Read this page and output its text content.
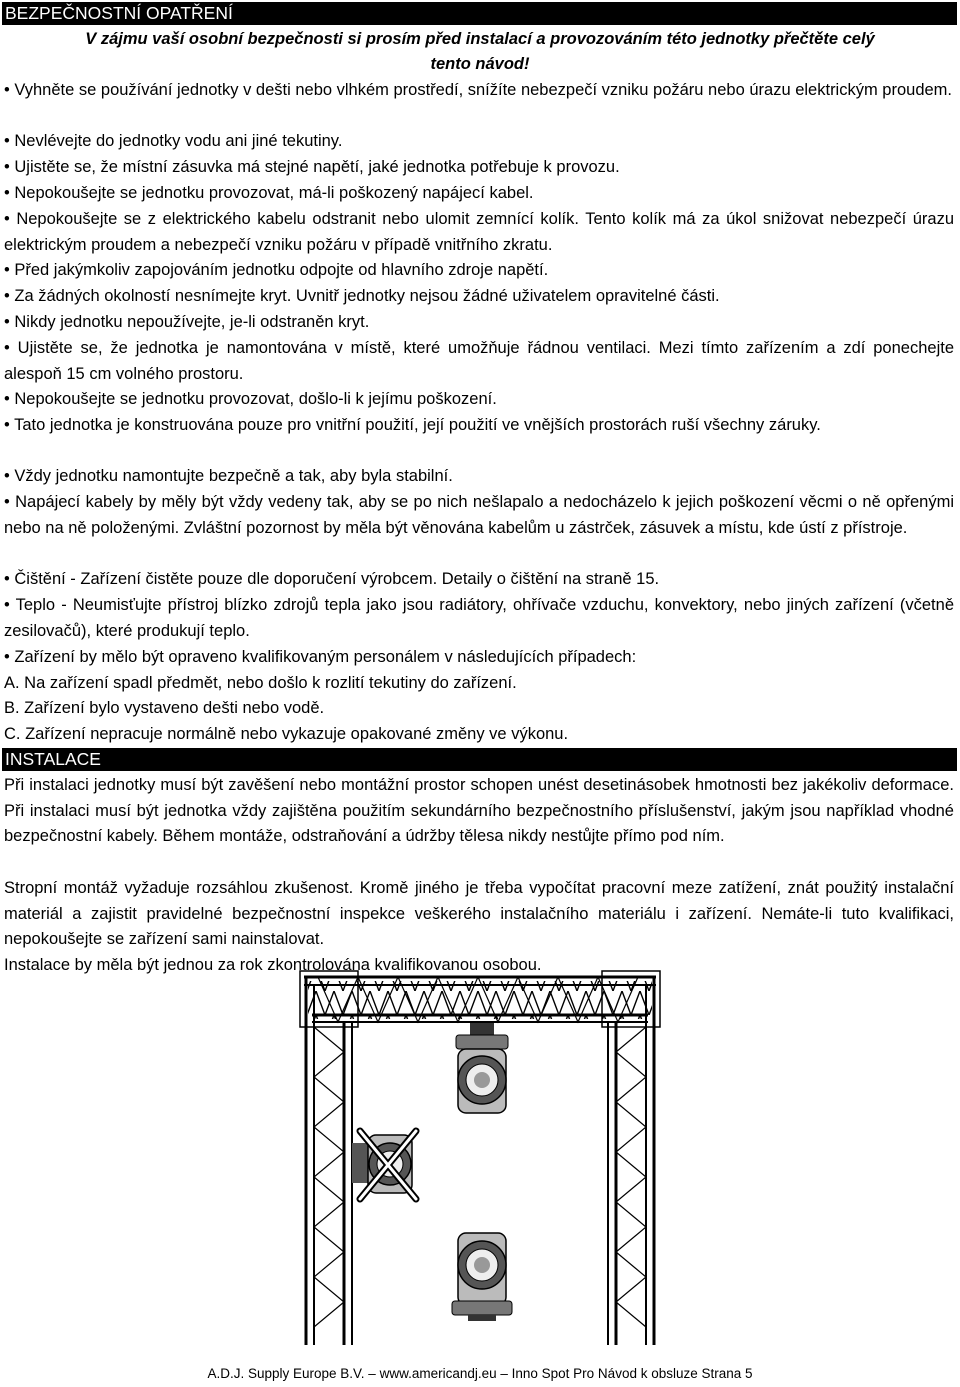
BEZPEČNOSTNÍ OPATŘENÍ
V zájmu vaší osobní bezpečnosti si prosím před instalací a provozováním této jednotky přečtěte celý
tento návod!
• Vyhněte se používání jednotky v dešti nebo vlhkém prostředí, snížíte nebezpečí vzniku požáru nebo úrazu elektrickým proudem.
• Nevlévejte do jednotky vodu ani jiné tekutiny.
• Ujistěte se, že místní zásuvka má stejné napětí, jaké jednotka potřebuje k provozu.
• Nepokoušejte se jednotku provozovat, má-li poškozený napájecí kabel.
• Nepokoušejte se z elektrického kabelu odstranit nebo ulomit zemnící kolík. Tento kolík má za úkol snižovat nebezpečí úrazu elektrickým proudem a nebezpečí vzniku požáru v případě vnitřního zkratu.
• Před jakýmkoliv zapojováním jednotku odpojte od hlavního zdroje napětí.
• Za žádných okolností nesnímejte kryt. Uvnitř jednotky nejsou žádné uživatelem opravitelné části.
• Nikdy jednotku nepoužívejte, je-li odstraněn kryt.
• Ujistěte se, že jednotka je namontována v místě, které umožňuje řádnou ventilaci. Mezi tímto zařízením a zdí ponechejte alespoň 15 cm volného prostoru.
• Nepokoušejte se jednotku provozovat, došlo-li k jejímu poškození.
• Tato jednotka je konstruována pouze pro vnitřní použití, její použití ve vnějších prostorách ruší všechny záruky.
• Vždy jednotku namontujte bezpečně a tak, aby byla stabilní.
• Napájecí kabely by měly být vždy vedeny tak, aby se po nich nešlapalo a nedocházelo k jejich poškození věcmi o ně opřenými nebo na ně položenými. Zvláštní pozornost by měla být věnována kabelům u zástrček, zásuvek a místu, kde ústí z přístroje.
• Čištění - Zařízení čistěte pouze dle doporučení výrobcem. Detaily o čištění na straně 15.
• Teplo - Neumisťujte přístroj blízko zdrojů tepla jako jsou radiátory, ohřívače vzduchu, konvektory, nebo jiných zařízení (včetně zesilovačů), které produkují teplo.
• Zařízení by mělo být opraveno kvalifikovaným personálem v následujících případech:
A. Na zařízení spadl předmět, nebo došlo k rozlití tekutiny do zařízení.
B. Zařízení bylo vystaveno dešti nebo vodě.
C. Zařízení nepracuje normálně nebo vykazuje opakované změny ve výkonu.
INSTALACE
Při instalaci jednotky musí být zavěšení nebo montážní prostor schopen unést desetinásobek hmotnosti bez jakékoliv deformace. Při instalaci musí být jednotka vždy zajištěna použitím sekundárního bezpečnostního příslušenství, jakým jsou například vhodné bezpečnostní kabely. Během montáže, odstraňování a údržby tělesa nikdy nestůjte přímo pod ním.
Stropní montáž vyžaduje rozsáhlou zkušenost. Kromě jiného je třeba vypočítat pracovní meze zatížení, znát použitý instalační materiál a zajistit pravidelné bezpečnostní inspekce veškerého instalačního materiálu i zařízení. Nemáte-li tuto kvalifikaci, nepokoušejte se zařízení sami nainstalovat.
Instalace by měla být jednou za rok zkontrolována kvalifikovanou osobou.
A.D.J. Supply Europe B.V. – www.americandj.eu – Inno Spot Pro Návod k obsluze Strana 5
